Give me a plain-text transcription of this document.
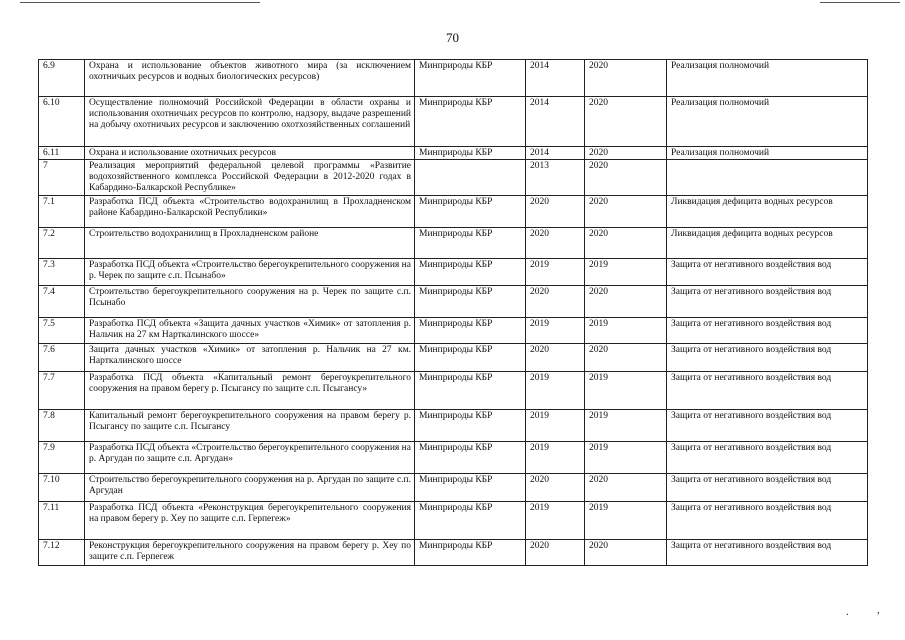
70
6.9	Охрана и использование объектов животного мира (за исключением охотничьих ресурсов и водных биологических ресурсов)	Минприроды КБР	2014	2020	Реализация полномочий
6.10	Осуществление полномочий Российской Федерации в области охраны и использования охотничьих ресурсов по контролю, надзору, выдаче разрешений на добычу охотничьих ресурсов и заключению охотхозяйственных соглашений	Минприроды КБР	2014	2020	Реализация полномочий
6.11	Охрана и использование охотничьих ресурсов	Минприроды КБР	2014	2020	Реализация полномочий
7	Реализация мероприятий федеральной целевой программы «Развитие водохозяйственного комплекса Российской Федерации в 2012-2020 годах в Кабардино-Балкарской Республике»		2013	2020	
7.1	Разработка ПСД объекта «Строительство водохранилищ в Прохладненском районе Кабардино-Балкарской Республики»	Минприроды КБР	2020	2020	Ликвидация дефицита водных ресурсов
7.2	Строительство водохранилищ в Прохладненском районе	Минприроды КБР	2020	2020	Ликвидация дефицита водных ресурсов
7.3	Разработка ПСД объекта «Строительство берегоукрепительного сооружения на р. Черек по защите с.п. Псынабо»	Минприроды КБР	2019	2019	Защита от негативного воздействия вод
7.4	Строительство берегоукрепительного сооружения на р. Черек по защите с.п. Псынабо	Минприроды КБР	2020	2020	Защита от негативного воздействия вод
7.5	Разработка ПСД объекта «Защита дачных участков «Химик» от затопления р. Нальчик на 27 км Нарткалинского шоссе»	Минприроды КБР	2019	2019	Защита от негативного воздействия вод
7.6	Защита дачных участков «Химик» от затопления р. Нальчик на 27 км. Нарткалинского шоссе	Минприроды КБР	2020	2020	Защита от негативного воздействия вод
7.7	Разработка ПСД объекта «Капитальный ремонт берегоукрепительного сооружения на правом берегу р. Псыгансу по защите с.п. Псыгансу»	Минприроды КБР	2019	2019	Защита от негативного воздействия вод
7.8	Капитальный ремонт берегоукрепительного сооружения на правом берегу р. Псыгансу по защите с.п. Псыгансу	Минприроды КБР	2019	2019	Защита от негативного воздействия вод
7.9	Разработка ПСД объекта «Строительство берегоукрепительного сооружения на р. Аргудан по защите с.п. Аргудан»	Минприроды КБР	2019	2019	Защита от негативного воздействия вод
7.10	Строительство берегоукрепительного сооружения на р. Аргудан по защите с.п. Аргудан	Минприроды КБР	2020	2020	Защита от негативного воздействия вод
7.11	Разработка ПСД объекта «Реконструкция берегоукрепительного сооружения на правом берегу р. Хеу по защите с.п. Герпегеж»	Минприроды КБР	2019	2019	Защита от негативного воздействия вод
7.12	Реконструкция берегоукрепительного сооружения на правом берегу р. Хеу по защите с.п. Герпегеж	Минприроды КБР	2020	2020	Защита от негативного воздействия вод
.	,
